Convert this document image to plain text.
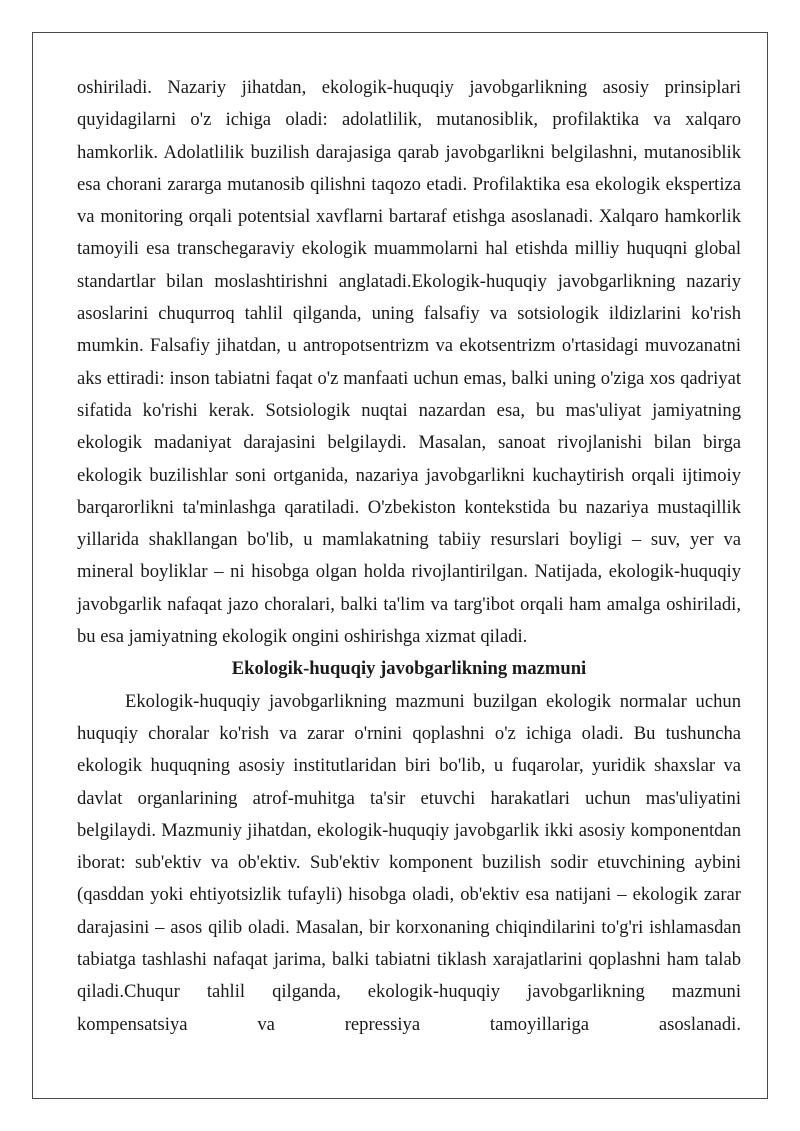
oshiriladi. Nazariy jihatdan, ekologik-huquqiy javobgarlikning asosiy prinsiplari quyidagilarni o'z ichiga oladi: adolatlilik, mutanosiblik, profilaktika va xalqaro hamkorlik. Adolatlilik buzilish darajasiga qarab javobgarlikni belgilashni, mutanosiblik esa chorani zararga mutanosib qilishni taqozo etadi. Profilaktika esa ekologik ekspertiza va monitoring orqali potentsial xavflarni bartaraf etishga asoslanadi. Xalqaro hamkorlik tamoyili esa transchegaraviy ekologik muammolarni hal etishda milliy huquqni global standartlar bilan moslashtirishni anglatadi.Ekologik-huquqiy javobgarlikning nazariy asoslarini chuqurroq tahlil qilganda, uning falsafiy va sotsiologik ildizlarini ko'rish mumkin. Falsafiy jihatdan, u antropotsentrizm va ekotsentrizm o'rtasidagi muvozanatni aks ettiradi: inson tabiatni faqat o'z manfaati uchun emas, balki uning o'ziga xos qadriyat sifatida ko'rishi kerak. Sotsiologik nuqtai nazardan esa, bu mas'uliyat jamiyatning ekologik madaniyat darajasini belgilaydi. Masalan, sanoat rivojlanishi bilan birga ekologik buzilishlar soni ortganida, nazariya javobgarlikni kuchaytirish orqali ijtimoiy barqarorlikni ta'minlashga qaratiladi. O'zbekiston kontekstida bu nazariya mustaqillik yillarida shakllangan bo'lib, u mamlakatning tabiiy resurslari boyligi – suv, yer va mineral boyliklar – ni hisobga olgan holda rivojlantirilgan. Natijada, ekologik-huquqiy javobgarlik nafaqat jazo choralari, balki ta'lim va targ'ibot orqali ham amalga oshiriladi, bu esa jamiyatning ekologik ongini oshirishga xizmat qiladi.

Ekologik-huquqiy javobgarlikning mazmuni

Ekologik-huquqiy javobgarlikning mazmuni buzilgan ekologik normalar uchun huquqiy choralar ko'rish va zarar o'rnini qoplashni o'z ichiga oladi. Bu tushuncha ekologik huquqning asosiy institutlaridan biri bo'lib, u fuqarolar, yuridik shaxslar va davlat organlarining atrof-muhitga ta'sir etuvchi harakatlari uchun mas'uliyatini belgilaydi. Mazmuniy jihatdan, ekologik-huquqiy javobgarlik ikki asosiy komponentdan iborat: sub'ektiv va ob'ektiv. Sub'ektiv komponent buzilish sodir etuvchining aybini (qasddan yoki ehtiyotsizlik tufayli) hisobga oladi, ob'ektiv esa natijani – ekologik zarar darajasini – asos qilib oladi. Masalan, bir korxonaning chiqindilarini to'g'ri ishlamasdan tabiatga tashlashi nafaqat jarima, balki tabiatni tiklash xarajatlarini qoplashni ham talab qiladi.Chuqur tahlil qilganda, ekologik-huquqiy javobgarlikning mazmuni kompensatsiya va repressiya tamoyillariga asoslanadi.
